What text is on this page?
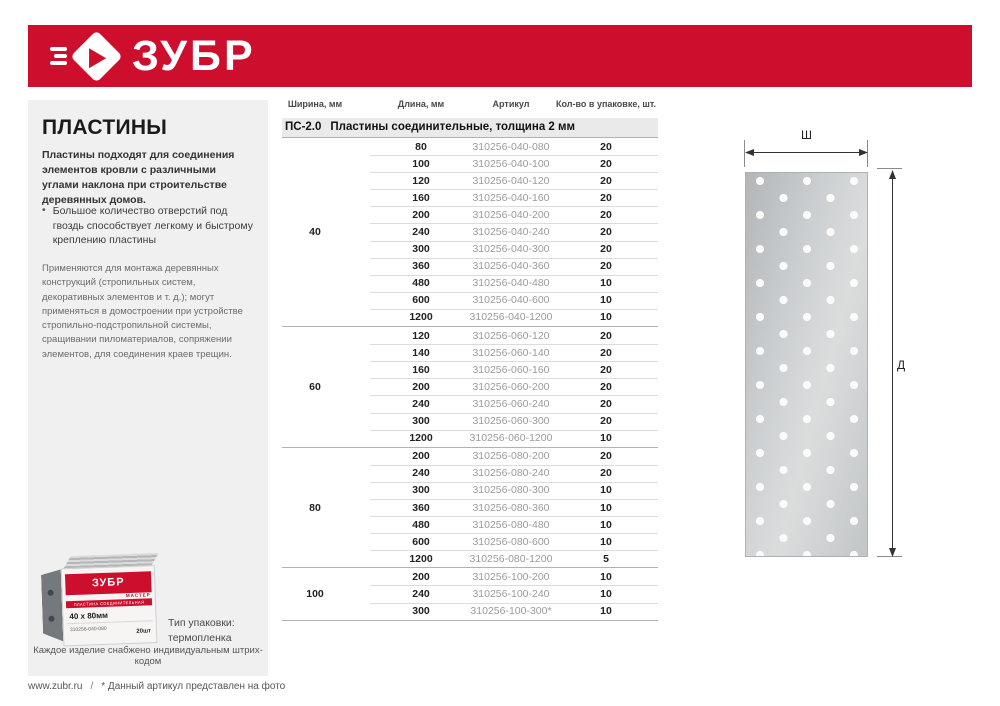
ЗУБР
ПЛАСТИНЫ
Пластины подходят для соединения элементов кровли с различными углами наклона при строительстве деревянных домов.
• Большое количество отверстий под гвоздь способствует легкому и быстрому креплению пластины
Применяются для монтажа деревянных конструкций (стропильных систем, декоративных элементов и т. д.); могут применяться в домостроении при устройстве стропильно-подстропильной системы, сращивании пиломатериалов, сопряжении элементов, для соединения краев трещин.
ЗУБР
МАСТЕР
ПЛАСТИНА СОЕДИНИТЕЛЬНАЯ
40 х 80мм
310256-040-080	20шт
Тип упаковки:
термопленка
Каждое изделие снабжено индивидуальным штрих-кодом
Ширина, мм	Длина, мм	Артикул	Кол-во в упаковке, шт.
ПС-2.0 Пластины соединительные, толщина 2 мм
40
80	310256-040-080	20
100	310256-040-100	20
120	310256-040-120	20
160	310256-040-160	20
200	310256-040-200	20
240	310256-040-240	20
300	310256-040-300	20
360	310256-040-360	20
480	310256-040-480	10
600	310256-040-600	10
1200	310256-040-1200	10
60
120	310256-060-120	20
140	310256-060-140	20
160	310256-060-160	20
200	310256-060-200	20
240	310256-060-240	20
300	310256-060-300	20
1200	310256-060-1200	10
80
200	310256-080-200	20
240	310256-080-240	20
300	310256-080-300	10
360	310256-080-360	10
480	310256-080-480	10
600	310256-080-600	10
1200	310256-080-1200	5
100
200	310256-100-200	10
240	310256-100-240	10
300	310256-100-300*	10
Ш
Д
www.zubr.ru / * Данный артикул представлен на фото
